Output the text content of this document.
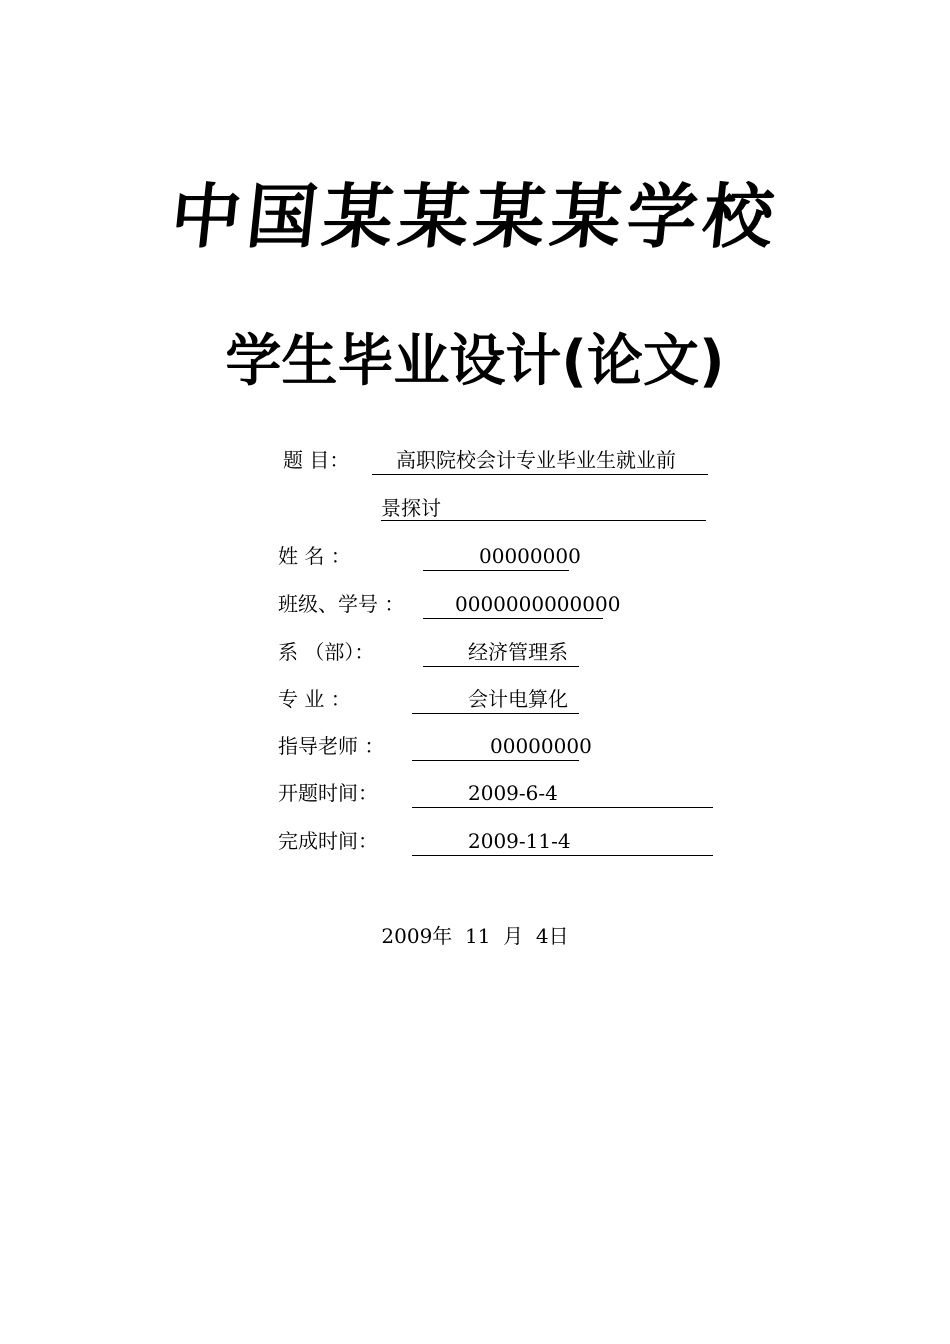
中国某某某某学校
学生毕业设计(论文)
题 目： 高职院校会计专业毕业生就业前
景探讨
姓 名 ：	00000000
班级、学号 ：	0000000000000
系 （部）：	经济管理系
专 业 ：	会计电算化
指导老师 ：	00000000
开题时间：	2009-6-4
完成时间：	2009-11-4
2009年  11  月  4日
